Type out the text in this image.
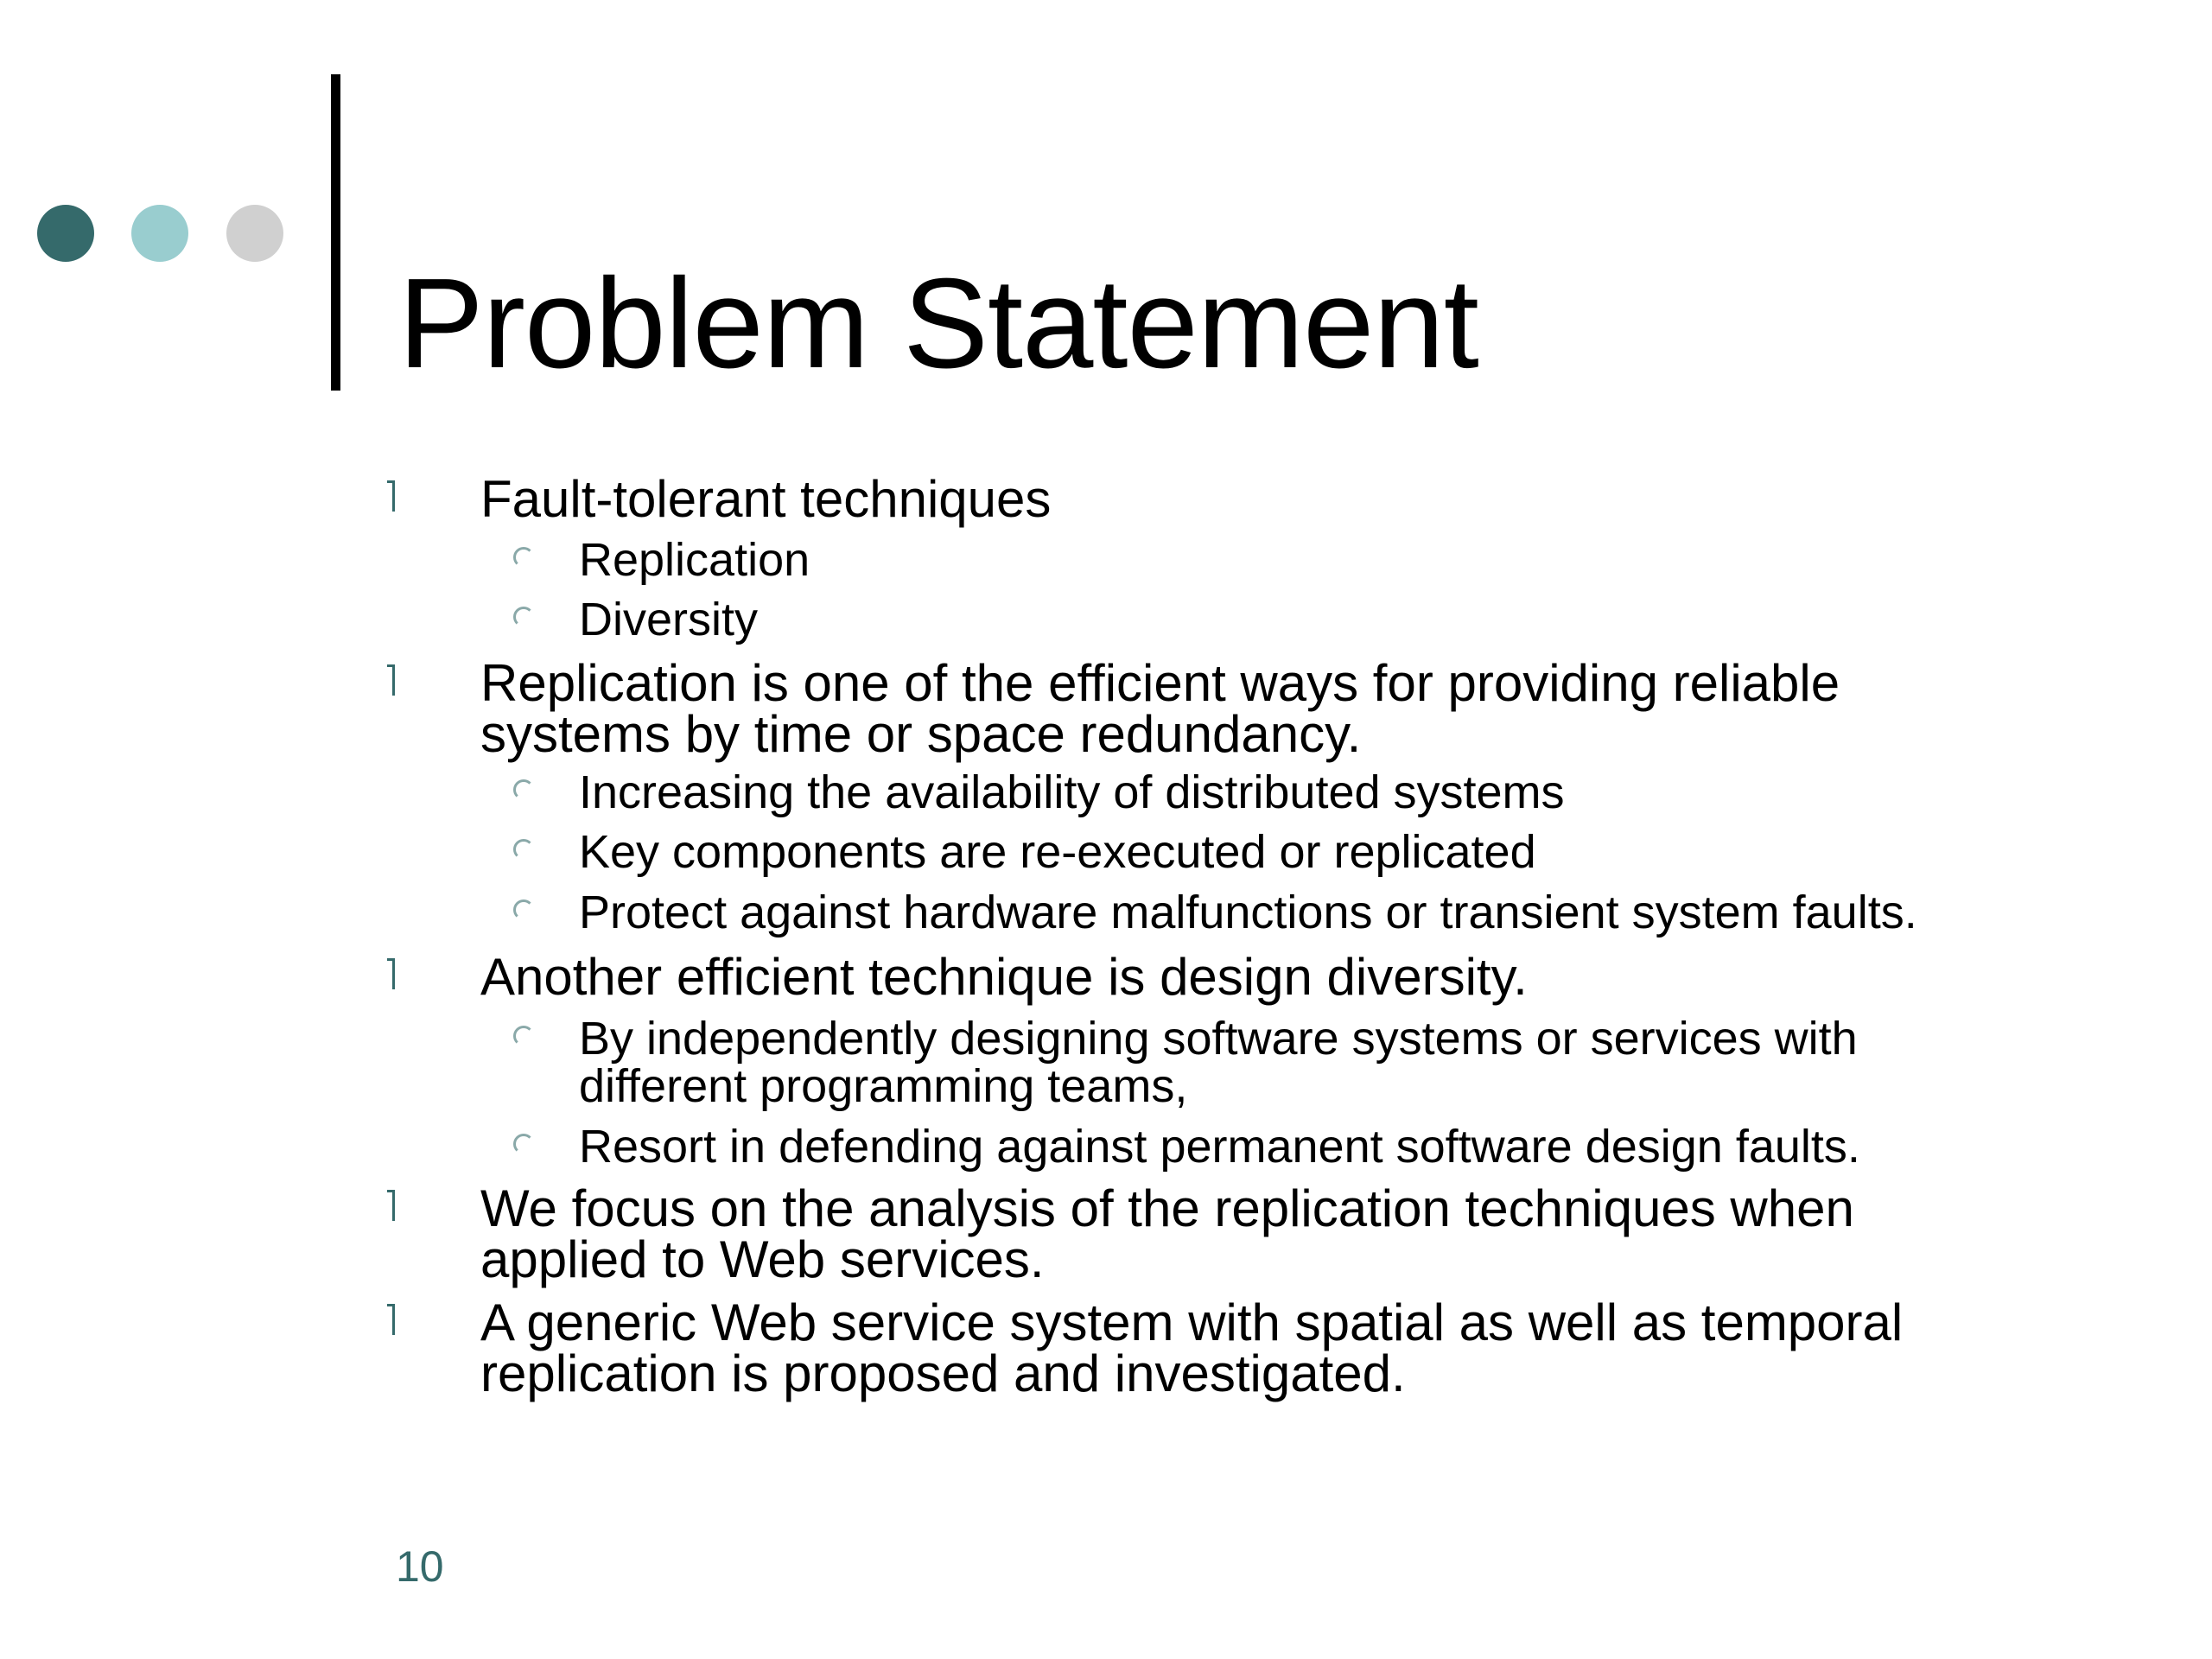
Problem Statement
Fault-tolerant techniques
Replication
Diversity
Replication is one of the efficient ways for providing reliable
systems by time or space redundancy.
Increasing the availability of distributed systems
Key components are re-executed or replicated
Protect against hardware malfunctions or transient system faults.
Another efficient technique is design diversity.
By independently designing software systems or services with
different programming teams,
Resort in defending against permanent software design faults.
We focus on the analysis of the replication techniques when
applied to Web services.
A generic Web service system with spatial as well as temporal
replication is proposed and investigated.
10
